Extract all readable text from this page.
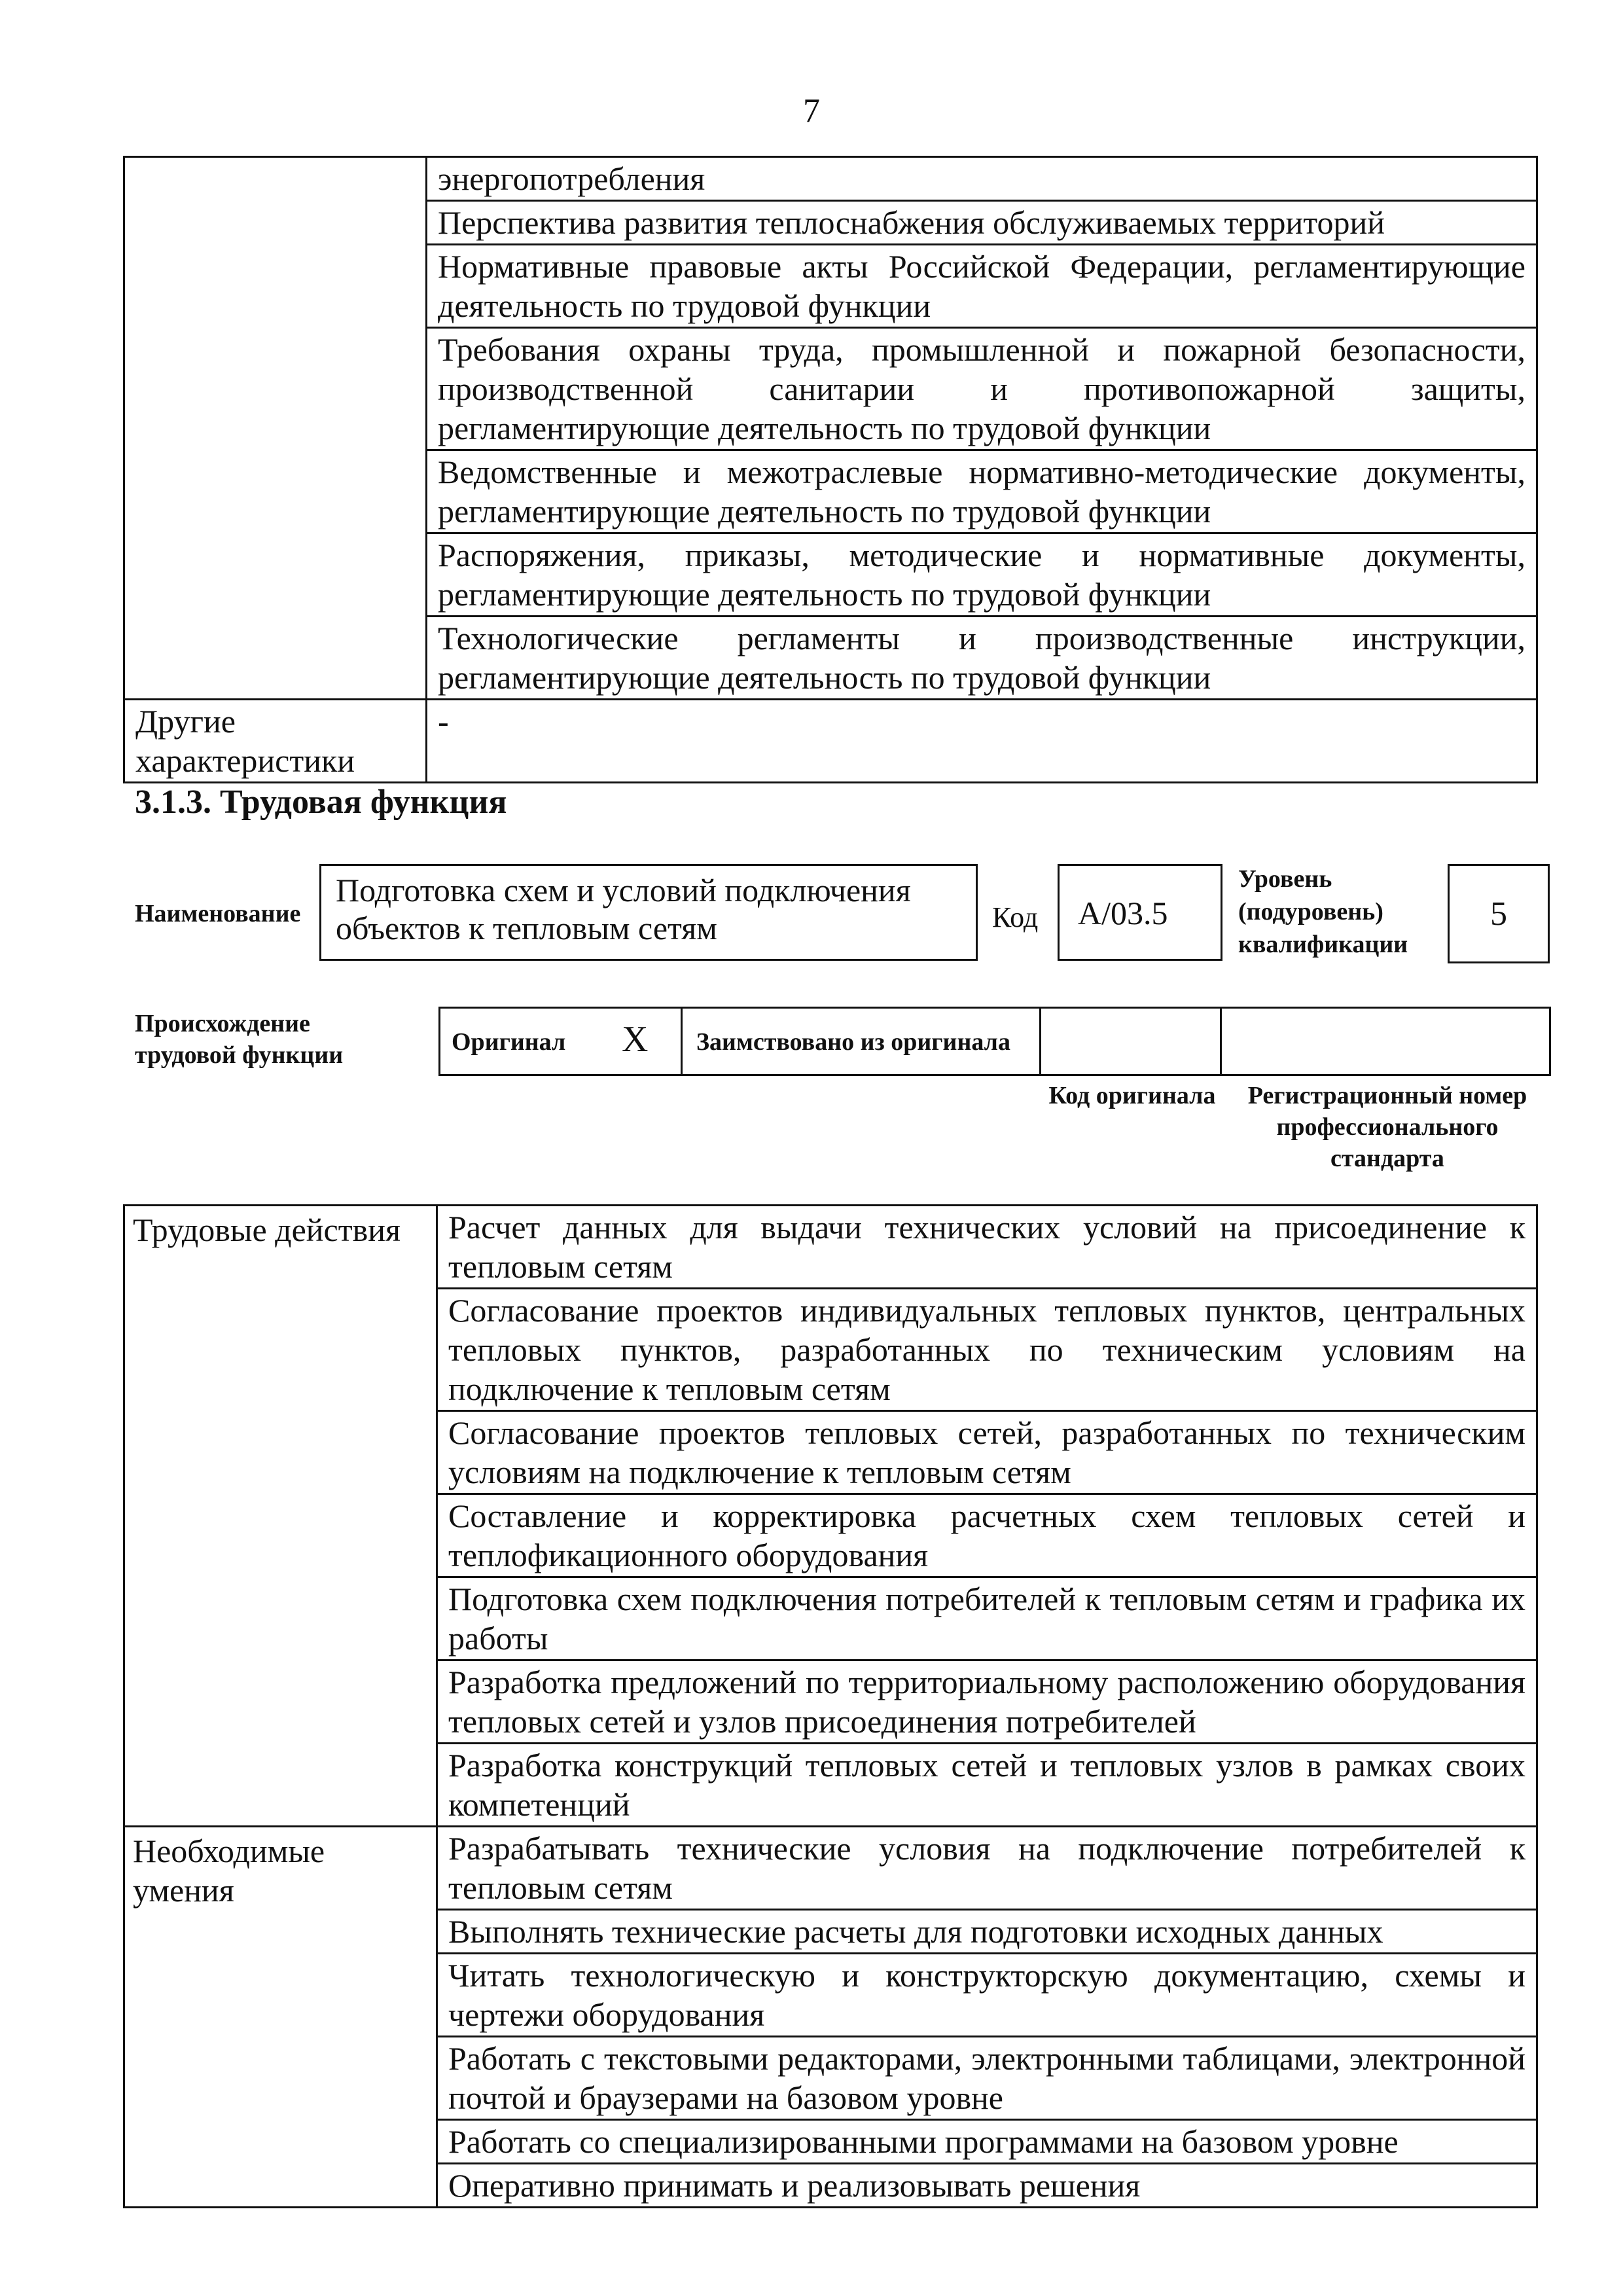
7
	энергопотребления
	Перспектива развития теплоснабжения обслуживаемых территорий
	Нормативные правовые акты Российской Федерации, регламентирующие деятельность по трудовой функции
	Требования охраны труда, промышленной и пожарной безопасности, производственной санитарии и противопожарной защиты, регламентирующие деятельность по трудовой функции
	Ведомственные и межотраслевые нормативно-методические документы, регламентирующие деятельность по трудовой функции
	Распоряжения, приказы, методические и нормативные документы, регламентирующие деятельность по трудовой функции
	Технологические регламенты и производственные инструкции, регламентирующие деятельность по трудовой функции
Другие характеристики	-
3.1.3. Трудовая функция
Наименование
Подготовка схем и условий подключения объектов к тепловым сетям	Код	A/03.5
Уровень (подуровень) квалификации
5
Происхождение трудовой функции	Оригинал X Заимствовано из оригинала
Код оригинала	Регистрационный номер профессионального стандарта
Трудовые действия	Расчет данных для выдачи технических условий на присоединение к тепловым сетям
	Согласование проектов индивидуальных тепловых пунктов, центральных тепловых пунктов, разработанных по техническим условиям на подключение к тепловым сетям
	Согласование проектов тепловых сетей, разработанных по техническим условиям на подключение к тепловым сетям
	Составление и корректировка расчетных схем тепловых сетей и теплофикационного оборудования
	Подготовка схем подключения потребителей к тепловым сетям и графика их работы
	Разработка предложений по территориальному расположению оборудования тепловых сетей и узлов присоединения потребителей
	Разработка конструкций тепловых сетей и тепловых узлов в рамках своих компетенций
Необходимые умения	Разрабатывать технические условия на подключение потребителей к тепловым сетям
	Выполнять технические расчеты для подготовки исходных данных
	Читать технологическую и конструкторскую документацию, схемы и чертежи оборудования
	Работать с текстовыми редакторами, электронными таблицами, электронной почтой и браузерами на базовом уровне
	Работать со специализированными программами на базовом уровне
	Оперативно принимать и реализовывать решения
